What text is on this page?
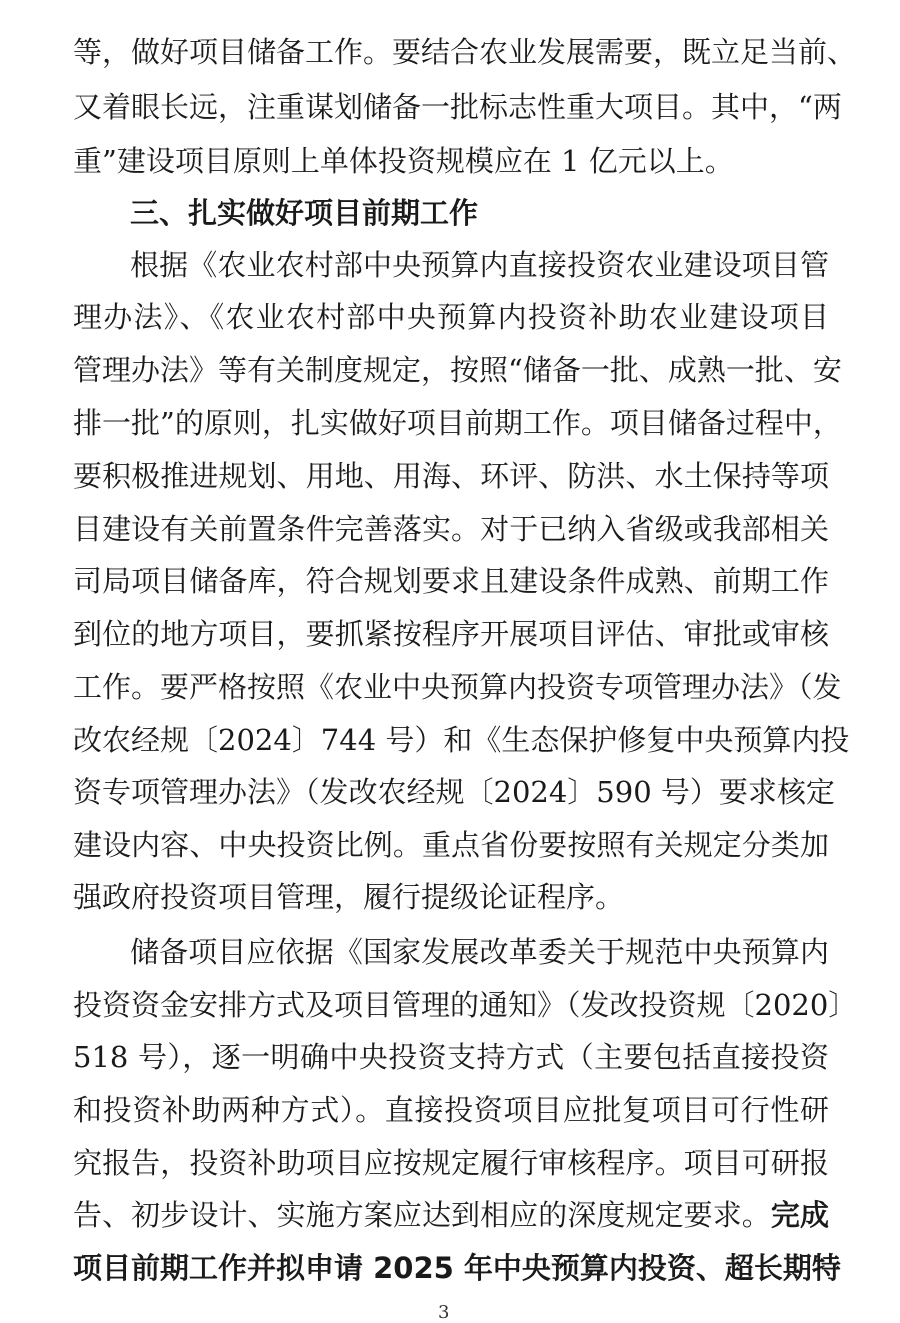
等，做好项目储备工作。要结合农业发展需要，既立足当前、
又着眼长远，注重谋划储备一批标志性重大项目。其中，“两
重”建设项目原则上单体投资规模应在 1 亿元以上。
三、扎实做好项目前期工作
根据《农业农村部中央预算内直接投资农业建设项目管
理办法》、《农业农村部中央预算内投资补助农业建设项目
管理办法》等有关制度规定，按照“储备一批、成熟一批、安
排一批”的原则，扎实做好项目前期工作。项目储备过程中，
要积极推进规划、用地、用海、环评、防洪、水土保持等项
目建设有关前置条件完善落实。对于已纳入省级或我部相关
司局项目储备库，符合规划要求且建设条件成熟、前期工作
到位的地方项目，要抓紧按程序开展项目评估、审批或审核
工作。要严格按照《农业中央预算内投资专项管理办法》（发
改农经规〔2024〕744 号）和《生态保护修复中央预算内投
资专项管理办法》（发改农经规〔2024〕590 号）要求核定
建设内容、中央投资比例。重点省份要按照有关规定分类加
强政府投资项目管理，履行提级论证程序。
储备项目应依据《国家发展改革委关于规范中央预算内
投资资金安排方式及项目管理的通知》（发改投资规〔2020〕
518 号），逐一明确中央投资支持方式（主要包括直接投资
和投资补助两种方式）。直接投资项目应批复项目可行性研
究报告，投资补助项目应按规定履行审核程序。项目可研报
告、初步设计、实施方案应达到相应的深度规定要求。完成
项目前期工作并拟申请 2025 年中央预算内投资、超长期特
3
